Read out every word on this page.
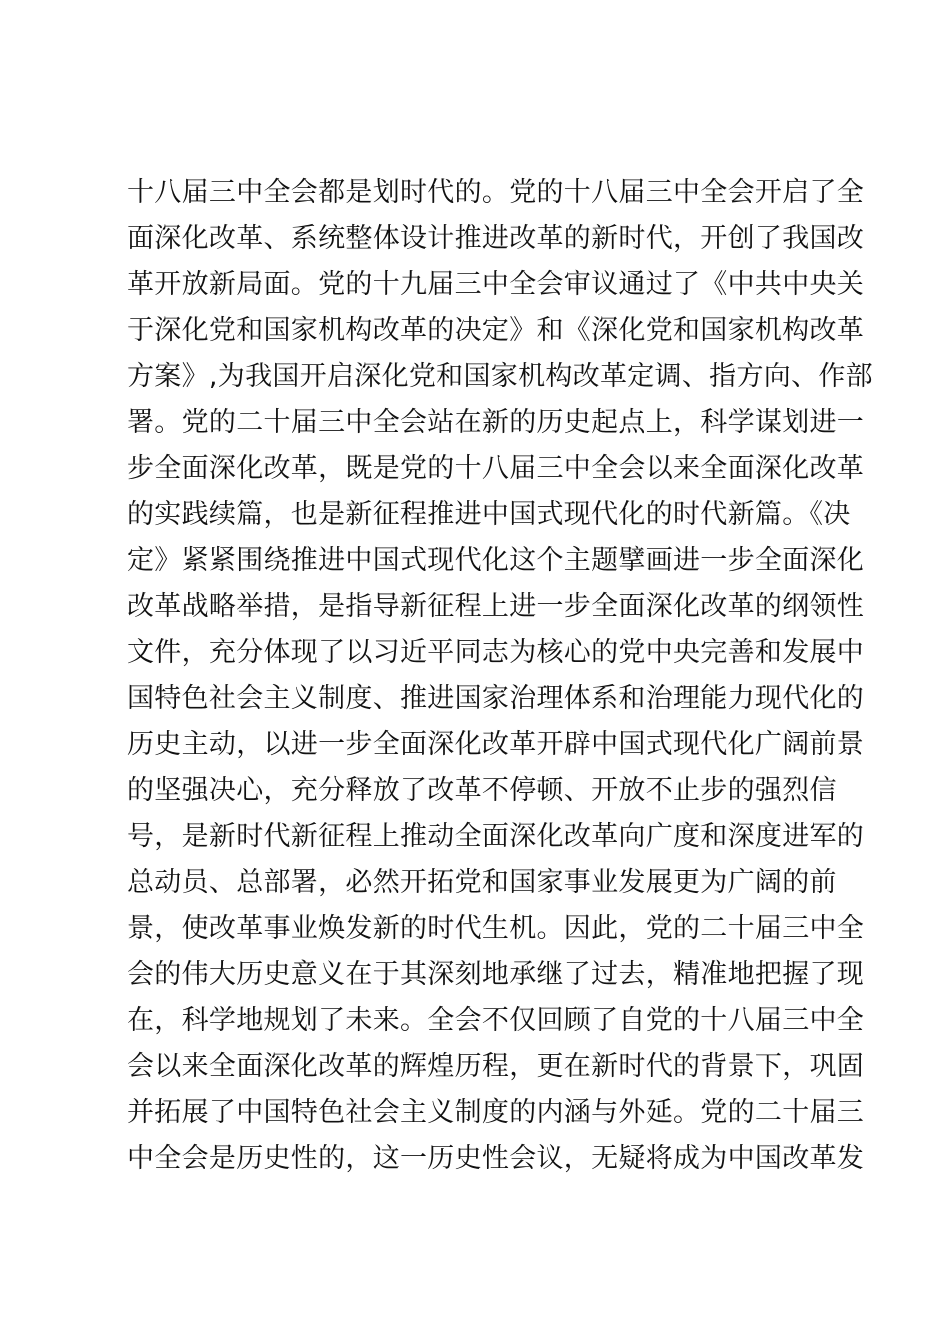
十八届三中全会都是划时代的。党的十八届三中全会开启了全
面深化改革、系统整体设计推进改革的新时代，开创了我国改
革开放新局面。党的十九届三中全会审议通过了《中共中央关
于深化党和国家机构改革的决定》和《深化党和国家机构改革
方案》,为我国开启深化党和国家机构改革定调、指方向、作部
署。党的二十届三中全会站在新的历史起点上，科学谋划进一
步全面深化改革，既是党的十八届三中全会以来全面深化改革
的实践续篇，也是新征程推进中国式现代化的时代新篇。《决
定》紧紧围绕推进中国式现代化这个主题擘画进一步全面深化
改革战略举措，是指导新征程上进一步全面深化改革的纲领性
文件，充分体现了以习近平同志为核心的党中央完善和发展中
国特色社会主义制度、推进国家治理体系和治理能力现代化的
历史主动，以进一步全面深化改革开辟中国式现代化广阔前景
的坚强决心，充分释放了改革不停顿、开放不止步的强烈信
号，是新时代新征程上推动全面深化改革向广度和深度进军的
总动员、总部署，必然开拓党和国家事业发展更为广阔的前
景，使改革事业焕发新的时代生机。因此，党的二十届三中全
会的伟大历史意义在于其深刻地承继了过去，精准地把握了现
在，科学地规划了未来。全会不仅回顾了自党的十八届三中全
会以来全面深化改革的辉煌历程，更在新时代的背景下，巩固
并拓展了中国特色社会主义制度的内涵与外延。党的二十届三
中全会是历史性的，这一历史性会议，无疑将成为中国改革发
